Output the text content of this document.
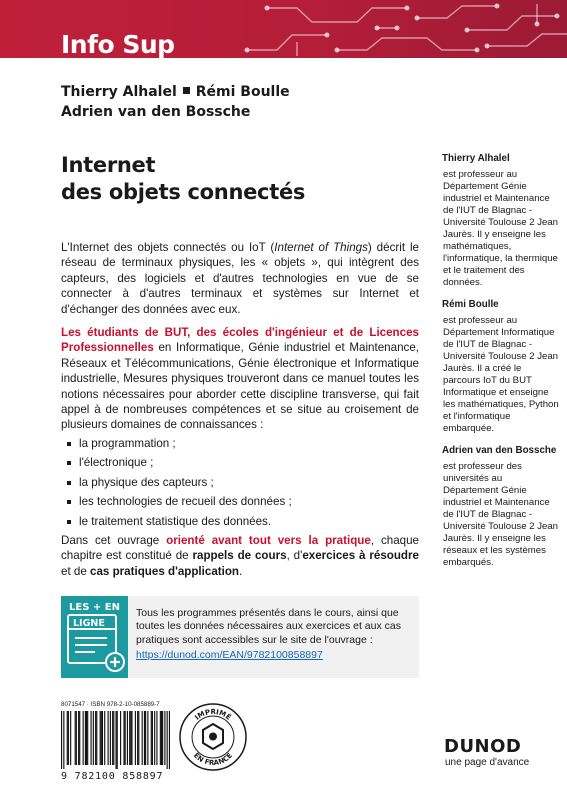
Info Sup
Thierry Alhalel Rémi Boulle
Adrien van den Bossche
Internet
des objets connectés

L'Internet des objets connectés ou IoT (Internet of Things) décrit le réseau de terminaux physiques, les « objets », qui intègrent des capteurs, des logiciels et d'autres technologies en vue de se connecter à d'autres terminaux et systèmes sur Internet et d'échanger des données avec eux.

Les étudiants de BUT, des écoles d'ingénieur et de Licences Professionnelles en Informatique, Génie industriel et Maintenance, Réseaux et Télécommunications, Génie électronique et Informatique industrielle, Mesures physiques trouveront dans ce manuel toutes les notions nécessaires pour aborder cette discipline transverse, qui fait appel à de nombreuses compétences et se situe au croisement de plusieurs domaines de connaissances :

la programmation ;
l'électronique ;
la physique des capteurs ;
les technologies de recueil des données ;
le traitement statistique des données.

Dans cet ouvrage orienté avant tout vers la pratique, chaque chapitre est constitué de rappels de cours, d'exercices à résoudre et de cas pratiques d'application.

Thierry Alhalel
est professeur au Département Génie industriel et Maintenance de l'IUT de Blagnac - Université Toulouse 2 Jean Jaurès. Il y enseigne les mathématiques, l'informatique, la thermique et le traitement des données.
Rémi Boulle
est professeur au Département Informatique de l'IUT de Blagnac - Université Toulouse 2 Jean Jaurès. Il a créé le parcours IoT du BUT Informatique et enseigne les mathématiques, Python et l'informatique embarquée.
Adrien van den Bossche
est professeur des universités au Département Génie industriel et Maintenance de l'IUT de Blagnac - Université Toulouse 2 Jean Jaurès. Il y enseigne les réseaux et les systèmes embarqués.
LES + EN
LIGNE
Tous les programmes présentés dans le cours, ainsi que toutes les données nécessaires aux exercices et aux cas pratiques sont accessibles sur le site de l'ouvrage :
https://dunod.com/EAN/9782100858897
8071547 · ISBN 978-2-10-085889-7
9 782100 858897
IMPRIMÉ
EN FRANCE	DUNOD
une page d'avance
